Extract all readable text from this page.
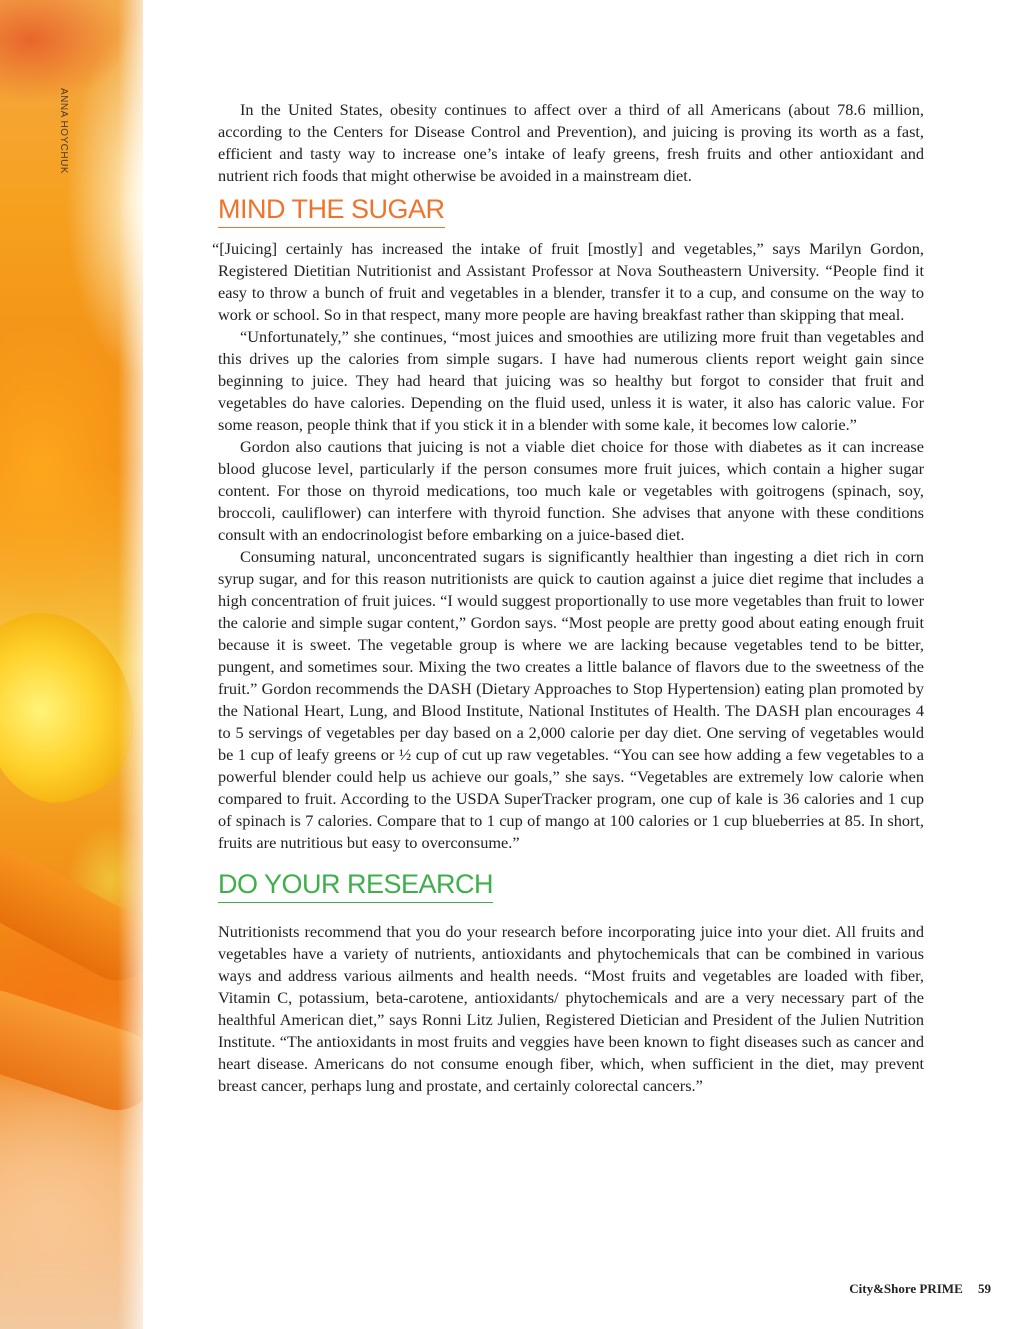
ANNA HOYCHUK	In the United States, obesity continues to affect over a third of all Americans (about 78.6 million, according to the Centers for Disease Control and Prevention), and juicing is proving its worth as a fast, efficient and tasty way to increase one’s intake of leafy greens, fresh fruits and other antioxidant and nutrient rich foods that might otherwise be avoided in a mainstream diet.

MIND THE SUGAR

“[Juicing] certainly has increased the intake of fruit [mostly] and vegetables,” says Marilyn Gordon, Registered Dietitian Nutritionist and Assistant Professor at Nova Southeastern University. “People find it easy to throw a bunch of fruit and vegetables in a blender, transfer it to a cup, and consume on the way to work or school. So in that respect, many more people are having breakfast rather than skipping that meal.

“Unfortunately,” she continues, “most juices and smoothies are utilizing more fruit than vegetables and this drives up the calories from simple sugars. I have had numerous clients report weight gain since beginning to juice. They had heard that juicing was so healthy but forgot to consider that fruit and vegetables do have calories. Depending on the fluid used, unless it is water, it also has caloric value. For some reason, people think that if you stick it in a blender with some kale, it becomes low calorie.”

Gordon also cautions that juicing is not a viable diet choice for those with diabetes as it can increase blood glucose level, particularly if the person consumes more fruit juices, which contain a higher sugar content. For those on thyroid medications, too much kale or vegetables with goitrogens (spinach, soy, broccoli, cauliflower) can interfere with thyroid function. She advises that anyone with these conditions consult with an endocrinologist before embarking on a juice-based diet.

Consuming natural, unconcentrated sugars is significantly healthier than ingesting a diet rich in corn syrup sugar, and for this reason nutritionists are quick to caution against a juice diet regime that includes a high concentration of fruit juices. “I would suggest proportionally to use more vegetables than fruit to lower the calorie and simple sugar content,” Gordon says. “Most people are pretty good about eating enough fruit because it is sweet. The vegetable group is where we are lacking because vegetables tend to be bitter, pungent, and sometimes sour. Mixing the two creates a little balance of flavors due to the sweetness of the fruit.” Gordon recommends the DASH (Dietary Approaches to Stop Hypertension) eating plan promoted by the National Heart, Lung, and Blood Institute, National Institutes of Health. The DASH plan encourages 4 to 5 servings of vegetables per day based on a 2,000 calorie per day diet. One serving of vegetables would be 1 cup of leafy greens or ½ cup of cut up raw vegetables. “You can see how adding a few vegetables to a powerful blender could help us achieve our goals,” she says. “Vegetables are extremely low calorie when compared to fruit. According to the USDA SuperTracker program, one cup of kale is 36 calories and 1 cup of spinach is 7 calories. Compare that to 1 cup of mango at 100 calories or 1 cup blueberries at 85. In short, fruits are nutritious but easy to overconsume.”

DO YOUR RESEARCH

Nutritionists recommend that you do your research before incorporating juice into your diet. All fruits and vegetables have a variety of nutrients, antioxidants and phytochemicals that can be combined in various ways and address various ailments and health needs. “Most fruits and vegetables are loaded with fiber, Vitamin C, potassium, beta-carotene, antioxidants/ phytochemicals and are a very necessary part of the healthful American diet,” says Ronni Litz Julien, Registered Dietician and President of the Julien Nutrition Institute. “The antioxidants in most fruits and veggies have been known to fight diseases such as cancer and heart disease. Americans do not consume enough fiber, which, when sufficient in the diet, may prevent breast cancer, perhaps lung and prostate, and certainly colorectal cancers.”

City&Shore PRIME 59
